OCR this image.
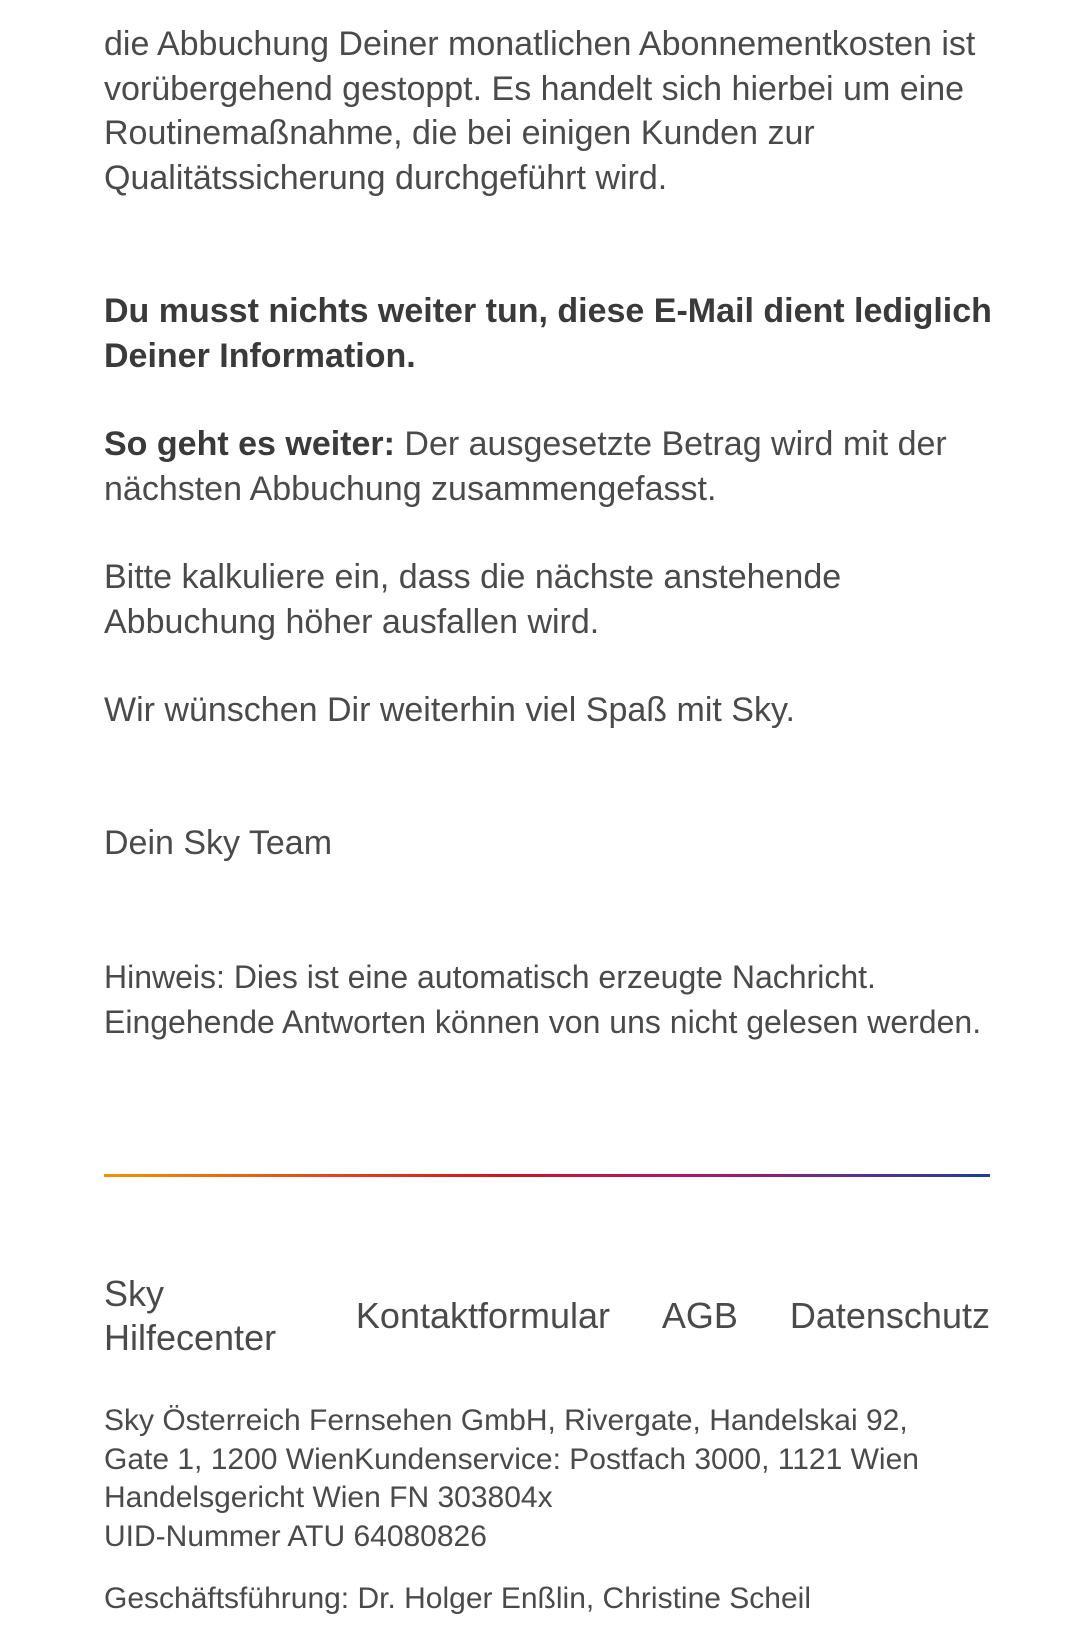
die Abbuchung Deiner monatlichen Abonnementkosten ist vorübergehend gestoppt. Es handelt sich hierbei um eine Routinemaßnahme, die bei einigen Kunden zur Qualitätssicherung durchgeführt wird.

Du musst nichts weiter tun, diese E-Mail dient lediglich Deiner Information.

So geht es weiter: Der ausgesetzte Betrag wird mit der nächsten Abbuchung zusammengefasst.

Bitte kalkuliere ein, dass die nächste anstehende Abbuchung höher ausfallen wird.

Wir wünschen Dir weiterhin viel Spaß mit Sky.

Dein Sky Team

Hinweis: Dies ist eine automatisch erzeugte Nachricht. Eingehende Antworten können von uns nicht gelesen werden.

Sky
Hilfecenter
Kontaktformular AGB Datenschutz
Sky Österreich Fernsehen GmbH, Rivergate, Handelskai 92,
Gate 1, 1200 WienKundenservice: Postfach 3000, 1121 Wien
Handelsgericht Wien FN 303804x
UID-Nummer ATU 64080826
Geschäftsführung: Dr. Holger Enßlin, Christine Scheil
